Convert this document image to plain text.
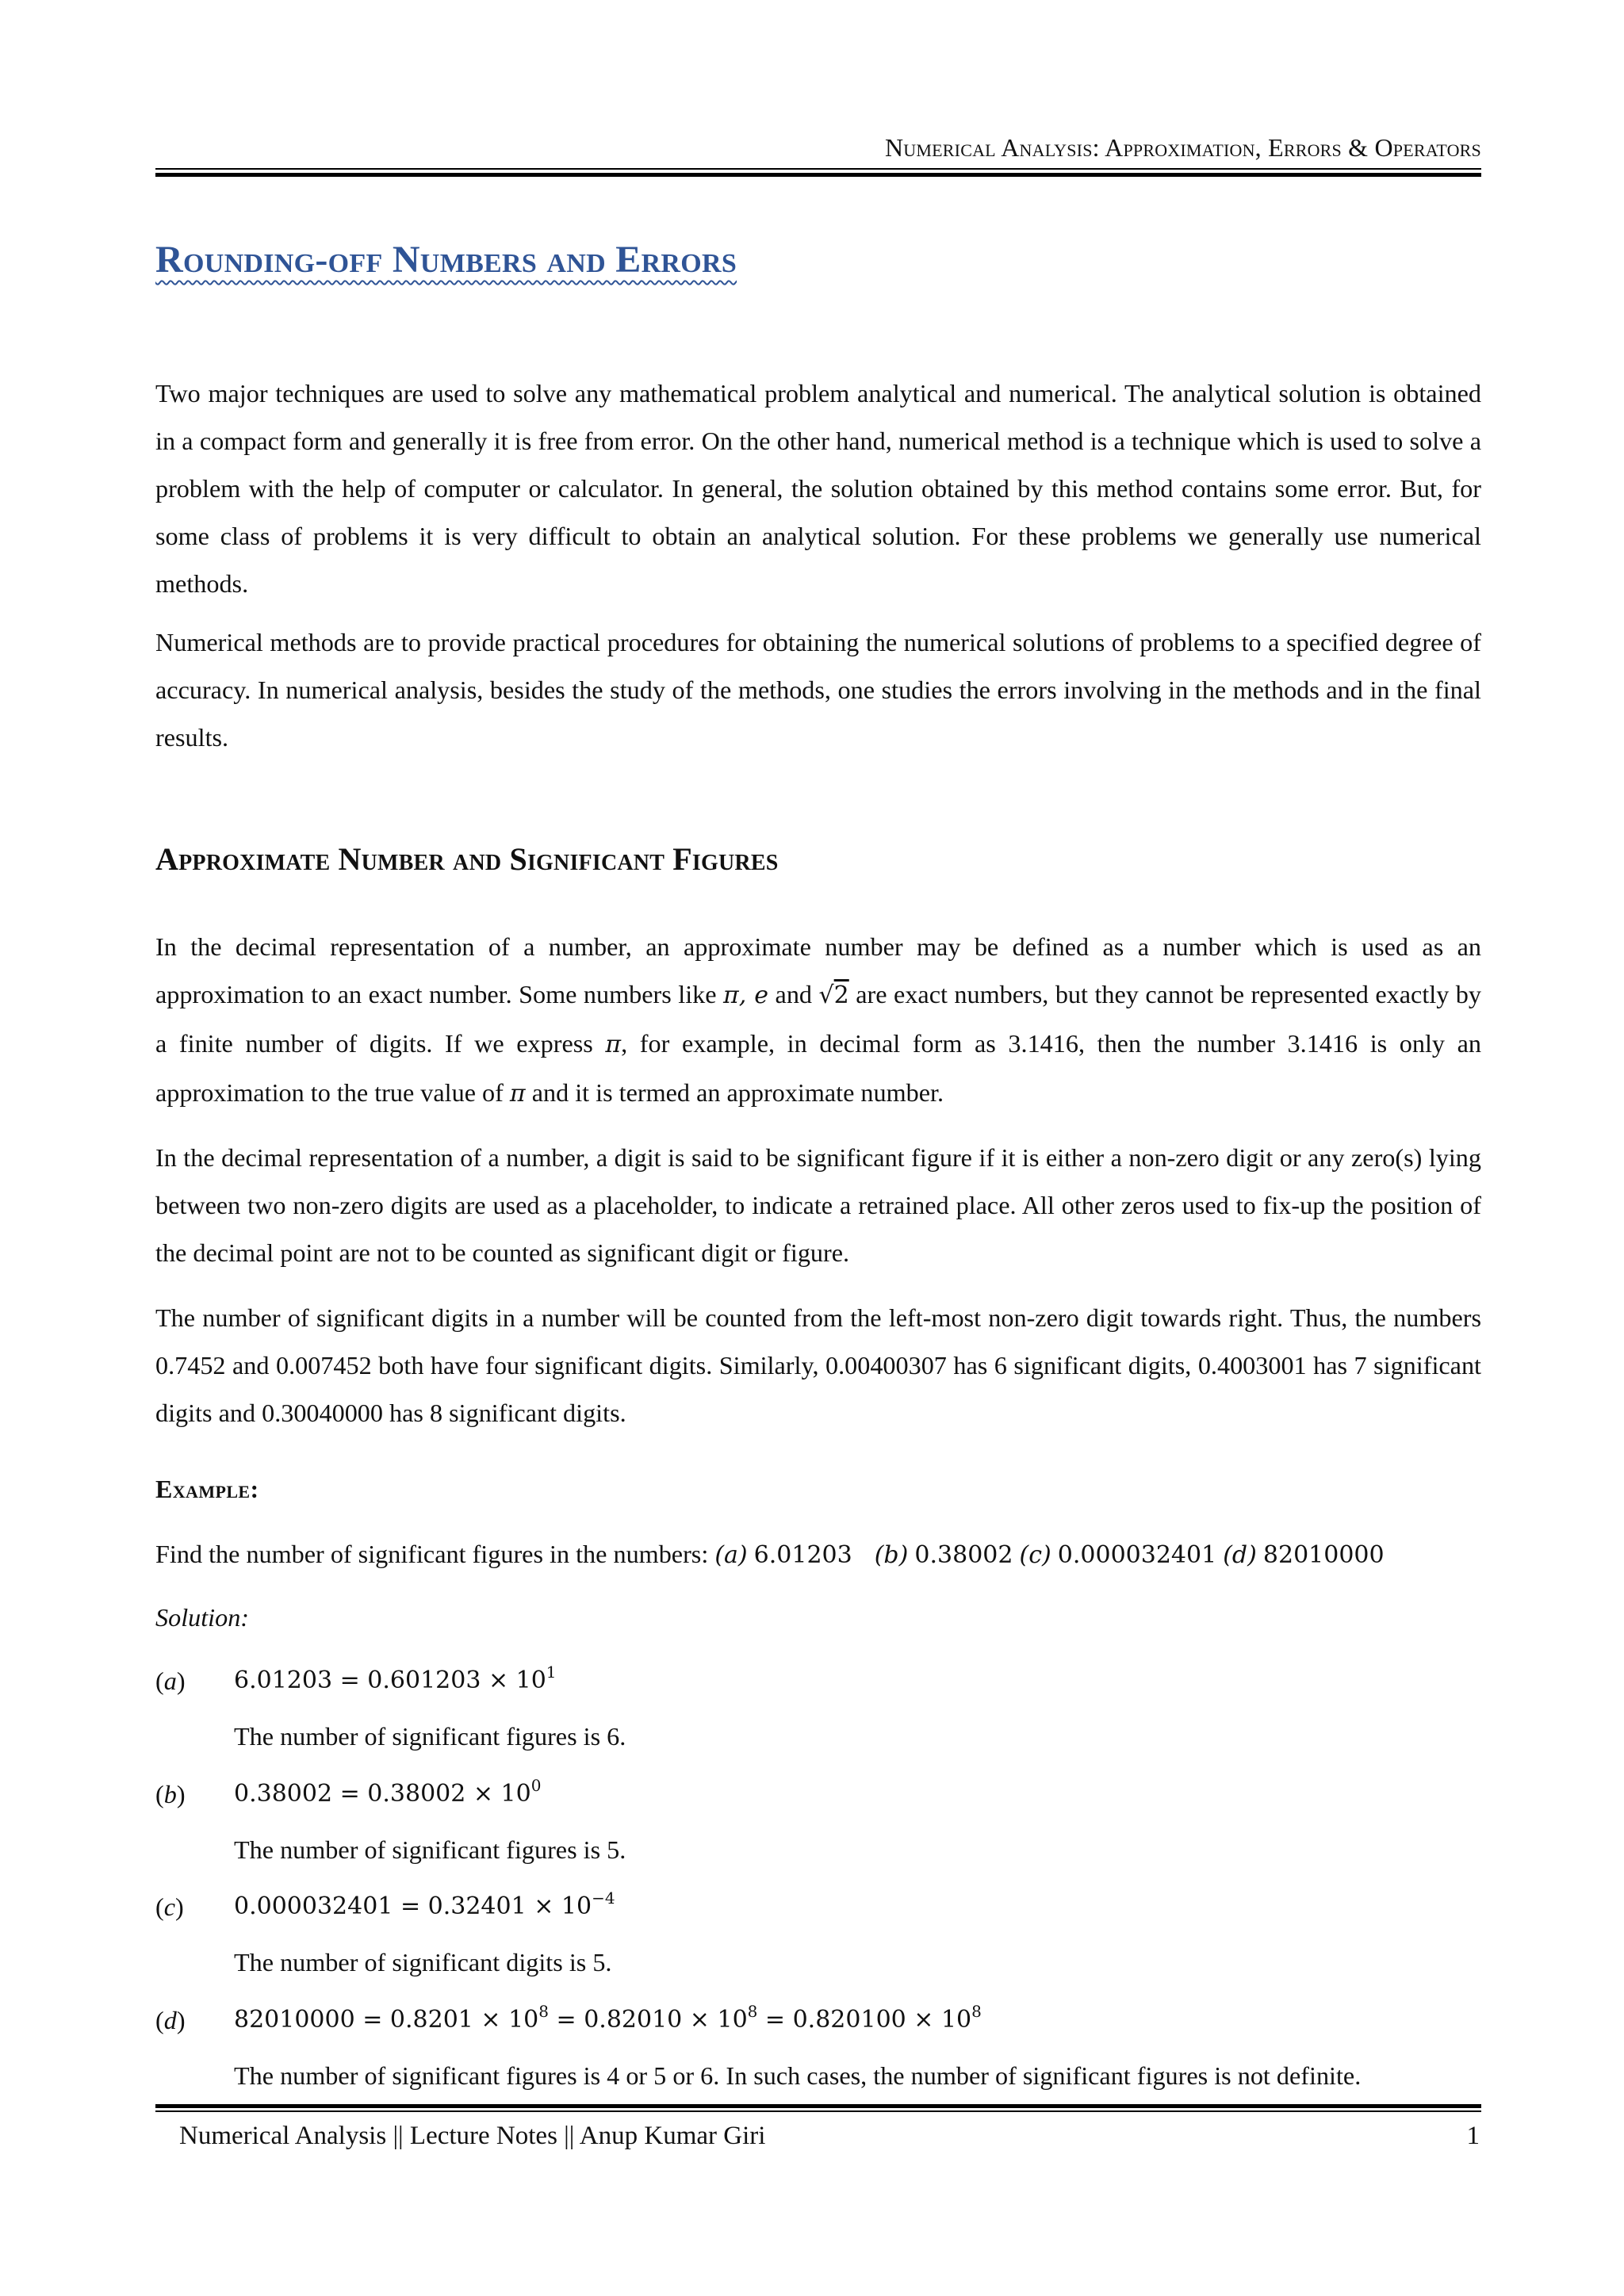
Numerical Analysis: Approximation, Errors & Operators
Rounding-off Numbers and Errors

Two major techniques are used to solve any mathematical problem analytical and numerical. The analytical solution is obtained in a compact form and generally it is free from error. On the other hand, numerical method is a technique which is used to solve a problem with the help of computer or calculator. In general, the solution obtained by this method contains some error. But, for some class of problems it is very difficult to obtain an analytical solution. For these problems we generally use numerical methods.

Numerical methods are to provide practical procedures for obtaining the numerical solutions of problems to a specified degree of accuracy. In numerical analysis, besides the study of the methods, one studies the errors involving in the methods and in the final results.

Approximate Number and Significant Figures

In the decimal representation of a number, an approximate number may be defined as a number which is used as an approximation to an exact number. Some numbers like π, e and √2 are exact numbers, but they cannot be represented exactly by a finite number of digits. If we express π, for example, in decimal form as 3.1416, then the number 3.1416 is only an approximation to the true value of π and it is termed an approximate number.

In the decimal representation of a number, a digit is said to be significant figure if it is either a non-zero digit or any zero(s) lying between two non-zero digits are used as a placeholder, to indicate a retrained place. All other zeros used to fix-up the position of the decimal point are not to be counted as significant digit or figure.

The number of significant digits in a number will be counted from the left-most non-zero digit towards right. Thus, the numbers 0.7452 and 0.007452 both have four significant digits. Similarly, 0.00400307 has 6 significant digits, 0.4003001 has 7 significant digits and 0.30040000 has 8 significant digits.

Example:

Find the number of significant figures in the numbers: (a) 6.01203 (b) 0.38002 (c) 0.000032401 (d) 82010000

Solution:

(a) $6.01203 = 0.601203 \times 10^1$
The number of significant figures is 6.
(b) $0.38002 = 0.38002 \times 10^0$
The number of significant figures is 5.
(c) $0.000032401 = 0.32401 \times 10^{-4}$
The number of significant digits is 5.
(d) $82010000 = 0.8201 \times 10^8 = 0.82010 \times 10^8 = 0.820100 \times 10^8$
The number of significant figures is 4 or 5 or 6. In such cases, the number of significant figures is not definite.
Numerical Analysis || Lecture Notes || Anup Kumar Giri	1
